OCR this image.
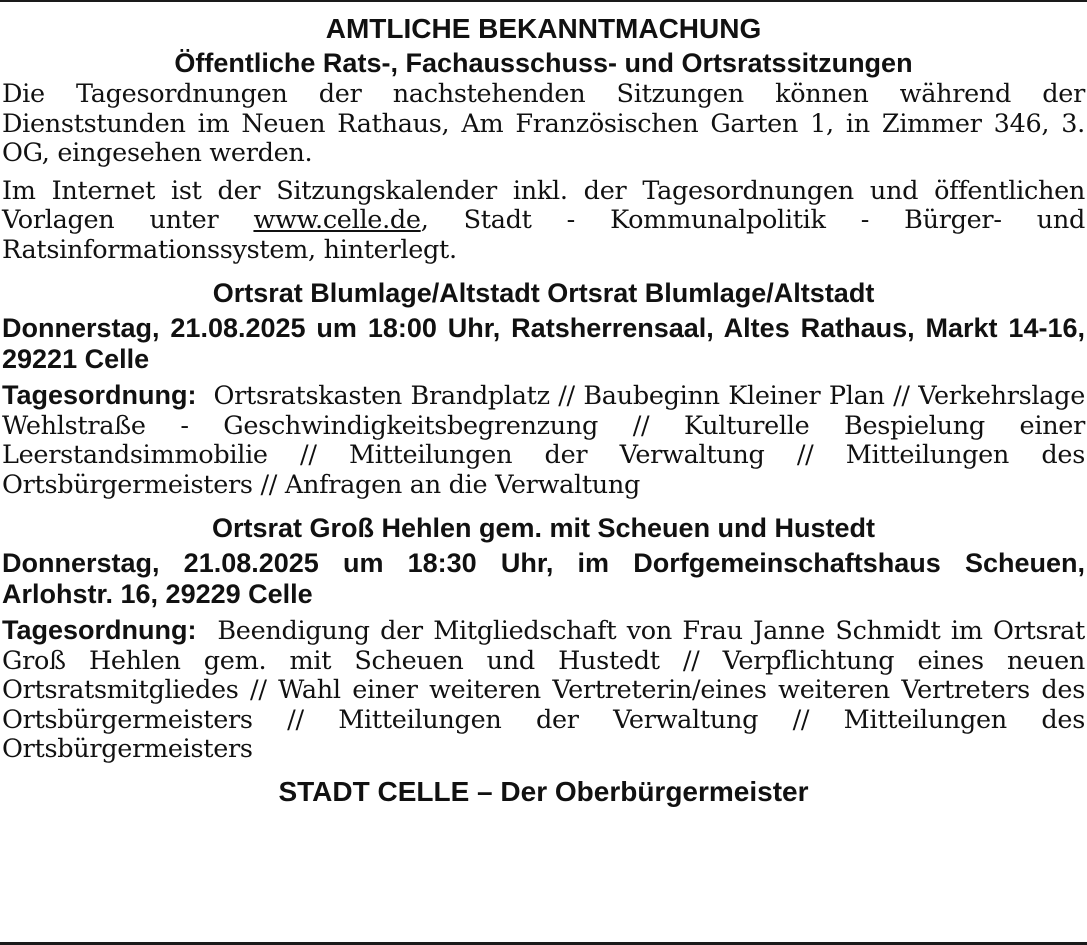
AMTLICHE BEKANNTMACHUNG
Öffentliche Rats-, Fachausschuss- und Ortsratssitzungen

Die Tagesordnungen der nachstehenden Sitzungen können während der Dienststunden im Neuen Rathaus, Am Französischen Garten 1, in Zimmer 346, 3. OG, eingesehen werden.

Im Internet ist der Sitzungskalender inkl. der Tagesordnungen und öffentlichen Vorlagen unter www.celle.de, Stadt - Kommunalpolitik - Bürger- und Ratsinformationssystem, hinterlegt.

Ortsrat Blumlage/Altstadt Ortsrat Blumlage/Altstadt

Donnerstag, 21.08.2025 um 18:00 Uhr, Ratsherrensaal, Altes Rathaus, Markt 14-16, 29221 Celle

Tagesordnung: Ortsratskasten Brandplatz // Baubeginn Kleiner Plan // Verkehrslage Wehlstraße - Geschwindigkeitsbegrenzung // Kulturelle Bespielung einer Leerstandsimmobilie // Mitteilungen der Verwaltung // Mitteilungen des Ortsbürgermeisters // Anfragen an die Verwaltung

Ortsrat Groß Hehlen gem. mit Scheuen und Hustedt

Donnerstag, 21.08.2025 um 18:30 Uhr, im Dorfgemeinschaftshaus Scheuen, Arlohstr. 16, 29229 Celle

Tagesordnung: Beendigung der Mitgliedschaft von Frau Janne Schmidt im Ortsrat Groß Hehlen gem. mit Scheuen und Hustedt // Verpflichtung eines neuen Ortsratsmitgliedes // Wahl einer weiteren Vertreterin/eines weiteren Vertreters des Ortsbürgermeisters // Mitteilungen der Verwaltung // Mitteilungen des Ortsbürgermeisters

STADT CELLE – Der Oberbürgermeister
